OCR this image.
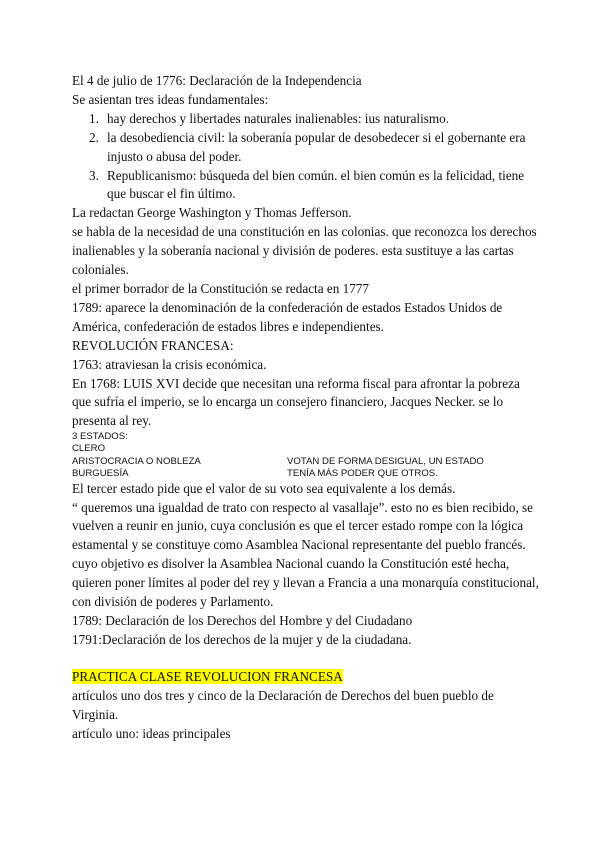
El 4 de julio de 1776: Declaración de la Independencia

Se asientan tres ideas fundamentales:

1. hay derechos y libertades naturales inalienables: ius naturalismo.
2. la desobediencia civil: la soberanía popular de desobedecer si el gobernante era injusto o abusa del poder.
3. Republicanismo: búsqueda del bien común. el bien común es la felicidad, tiene que buscar el fin último.

La redactan George Washington y Thomas Jefferson.

se habla de la necesidad de una constitución en las colonias. que reconozca los derechos inalienables y la soberanía nacional y división de poderes. esta sustituye a las cartas coloniales.

el primer borrador de la Constitución se redacta en 1777

1789: aparece la denominación de la confederación de estados Estados Unidos de América, confederación de estados libres e independientes.

REVOLUCIÓN FRANCESA:

1763: atraviesan la crisis económica.

En 1768: LUIS XVI decide que necesitan una reforma fiscal para afrontar la pobreza que sufría el imperio, se lo encarga un consejero financiero, Jacques Necker. se lo presenta al rey.

3 ESTADOS:

CLERO

ARISTOCRACIA O NOBLEZA

BURGUESÍA

VOTAN DE FORMA DESIGUAL, UN ESTADO

TENÍA MÁS PODER QUE OTROS.

El tercer estado pide que el valor de su voto sea equivalente a los demás.

“ queremos una igualdad de trato con respecto al vasallaje”. esto no es bien recibido, se vuelven a reunir en junio, cuya conclusión es que el tercer estado rompe con la lógica estamental y se constituye como Asamblea Nacional representante del pueblo francés.

cuyo objetivo es disolver la Asamblea Nacional cuando la Constitución esté hecha, quieren poner límites al poder del rey y llevan a Francia a una monarquía constitucional, con división de poderes y Parlamento.

1789: Declaración de los Derechos del Hombre y del Ciudadano

1791:Declaración de los derechos de la mujer y de la ciudadana.

PRACTICA CLASE REVOLUCION FRANCESA

artículos uno dos tres y cinco de la Declaración de Derechos del buen pueblo de Virginia.

artículo uno: ideas principales
